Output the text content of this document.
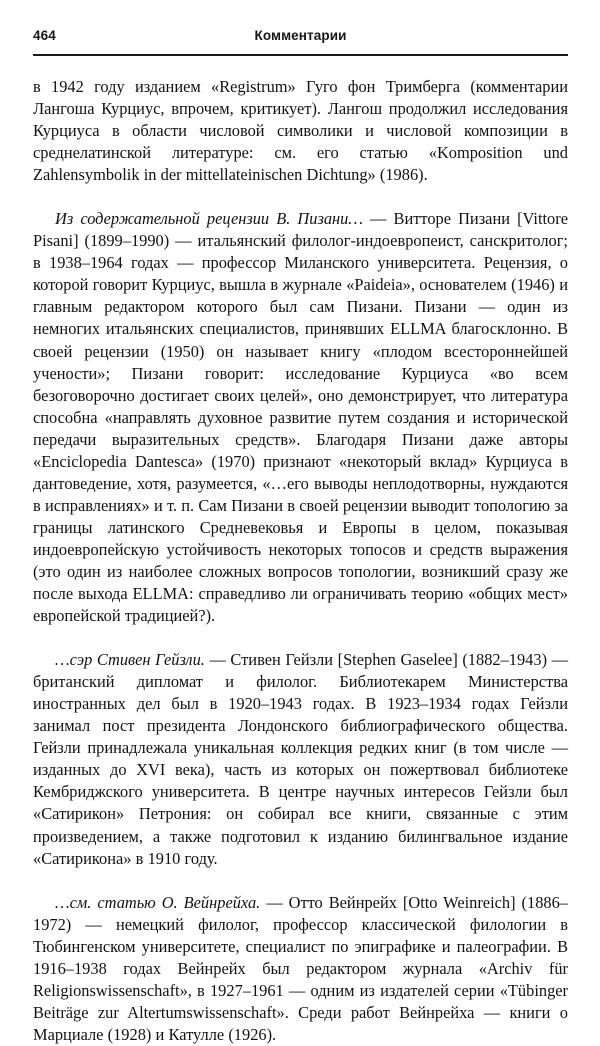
464	Комментарии

в 1942 году изданием «Registrum» Гуго фон Тримберга (комментарии Лангоша Курциус, впрочем, критикует). Лангош продолжил исследования Курциуса в области числовой символики и числовой композиции в среднелатинской литературе: см. его статью «Komposition und Zahlensymbolik in der mittellateinischen Dichtung» (1986).

Из содержательной рецензии В. Пизани… — Витторе Пизани [Vittore Pisani] (1899–1990) — итальянский филолог-индоевропеист, санскритолог; в 1938–1964 годах — профессор Миланского университета. Рецензия, о которой говорит Курциус, вышла в журнале «Paideia», основателем (1946) и главным редактором которого был сам Пизани. Пизани — один из немногих итальянских специалистов, принявших ELLMA благосклонно. В своей рецензии (1950) он называет книгу «плодом всестороннейшей учености»; Пизани говорит: исследование Курциуса «во всем безоговорочно достигает своих целей», оно демонстрирует, что литература способна «направлять духовное развитие путем создания и исторической передачи выразительных средств». Благодаря Пизани даже авторы «Enciclopedia Dantesca» (1970) признают «некоторый вклад» Курциуса в дантоведение, хотя, разумеется, «…его выводы неплодотворны, нуждаются в исправлениях» и т. п. Сам Пизани в своей рецензии выводит топологию за границы латинского Средневековья и Европы в целом, показывая индоевропейскую устойчивость некоторых топосов и средств выражения (это один из наиболее сложных вопросов топологии, возникший сразу же после выхода ELLMA: справедливо ли ограничивать теорию «общих мест» европейской традицией?).

…сэр Стивен Гейзли. — Стивен Гейзли [Stephen Gaselee] (1882–1943) — британский дипломат и филолог. Библиотекарем Министерства иностранных дел был в 1920–1943 годах. В 1923–1934 годах Гейзли занимал пост президента Лондонского библиографического общества. Гейзли принадлежала уникальная коллекция редких книг (в том числе — изданных до XVI века), часть из которых он пожертвовал библиотеке Кембриджского университета. В центре научных интересов Гейзли был «Сатирикон» Петрония: он собирал все книги, связанные с этим произведением, а также подготовил к изданию билингвальное издание «Сатирикона» в 1910 году.

…см. статью О. Вейнрейха. — Отто Вейнрейх [Otto Weinreich] (1886–1972) — немецкий филолог, профессор классической филологии в Тюбингенском университете, специалист по эпиграфике и палеографии. В 1916–1938 годах Вейнрейх был редактором журнала «Archiv für Religionswissenschaft», в 1927–1961 — одним из издателей серии «Tübinger Beiträge zur Altertumswissenschaft». Среди работ Вейнрейха — книги о Марциале (1928) и Катулле (1926).
